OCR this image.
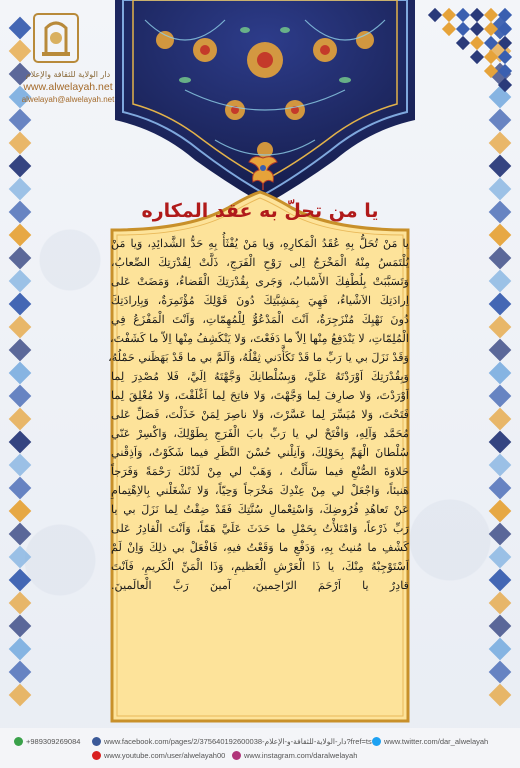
دار الولاية للثقافة والإعلام
www.alwelayah.net
alwelayah@alwelayah.net
يا من تحلّ به عقد المكاره
يا مَنْ تُحَلُّ بِهِ عُقَدُ الْمَكارِهِ، وَيا مَنْ يُفْثَأُ بِهِ حَدُّ الشَّدائِدِ، وَيا مَنْ
يُلْتَمَسُ مِنْهُ الْمَخْرَجُ اِلى رَوْحِ الْفَرَجِ، ذَلَّتْ لِقُدْرَتِكَ الصِّعابُ،
وَتَسَبَّبَتْ بِلُطْفِكَ الأَسْبابُ، وَجَرى بِقُدْرَتِكَ الْقَضاءُ، وَمَضَتْ عَلى
اِرادَتِكَ الاَشْياءُ، فَهِيَ بِمَشِيَّتِكَ دُونَ قَوْلِكَ مُؤْتَمِرَةٌ، وَبِاِرادَتِكَ
دُونَ نَهْيِكَ مُنْزَجِرَةٌ، اَنْتَ الْمَدْعُوُّ لِلْمُهِمّاتِ، وَاَنْتَ الْمَفْزَعُ فِي
الْمُلِمّاتِ، لا يَنْدَفِعُ مِنْها اِلاّ ما دَفَعْتَ، وَلا يَنْكَشِفُ مِنْها اِلاّ ما كَشَفْتَ،
وَقَدْ نَزَلَ بي يا رَبِّ ما قَدْ تَكَأَّدَني ثِقْلُهُ، وَاَلَمَّ بي ما قَدْ بَهَظَني حَمْلُهُ،
وَبِقُدْرَتِكَ اَوْرَدْتَهُ عَلَيَّ، وَبِسُلْطانِكَ وَجَّهْتَهُ اِلَيَّ، فَلا مُصْدِرَ لِما
اَوْرَدْتَ، وَلا صارِفَ لِما وَجَّهْتَ، وَلا فاتِحَ لِما اَغْلَقْتَ، وَلا مُغْلِقَ لِما
فَتَحْتَ، وَلا مُيَسِّرَ لِما عَسَّرْتَ، وَلا ناصِرَ لِمَنْ خَذَلْتَ، فَصَلِّ عَلى
مُحَمَّد وَآلِهِ، وَافْتَحْ لي يا رَبِّ بابَ الْفَرَجِ بِطَوْلِكَ، وَاكْسِرْ عَنّي
سُلْطانَ الْهَمِّ بِحَوْلِكَ، وَاَنِلْني حُسْنَ النَّظَرِ فيما شَكَوْتُ، وَاَذِقْني
حَلاوَةَ الصُّنْعِ فيما سَأَلْتُ ، وَهَبْ لي مِنْ لَدُنْكَ رَحْمَةً وَفَرَجاً
هَنيئاً، وَاجْعَلْ لي مِنْ عِنْدِكَ مَخْرَجاً وَحِيّاً، وَلا تَشْغَلْني بِالاِهْتِمامِ
عَنْ تَعاهُدِ فُرُوضِكَ، وَاسْتِعْمالِ سُنَّتِكَ فَقَدْ ضِقْتُ لِما نَزَلَ بي يا
رَبِّ ذَرْعاً، وَامْتَلأْتُ بِحَمْلِ ما حَدَثَ عَلَيَّ هَمّاً، وَاَنْتَ الْقادِرُ عَلى
كَشْفِ ما مُنيتُ بِهِ، وَدَفْعِ ما وَقَعْتُ فيهِ، فَافْعَلْ بي ذلِكَ وَاِنْ لَمْ
اَسْتَوْجِبْهُ مِنْكَ، يا ذَا الْعَرْشِ الْعَظيمِ، وَذَا الْمَنِّ الْكَريمِ، فَاَنْتَ
قادِرٌ يا اَرْحَمَ الرّاحِمينَ، آمينَ رَبَّ الْعالَمينَ.
+989309269084	www.facebook.com/pages/2/375640192600038-دار-الولاية-للثقافة-و-الإعلام?fref=ts	www.twitter.com/dar_alwelayah
www.youtube.com/user/alwelayah00	www.instagram.com/daralwelayah
